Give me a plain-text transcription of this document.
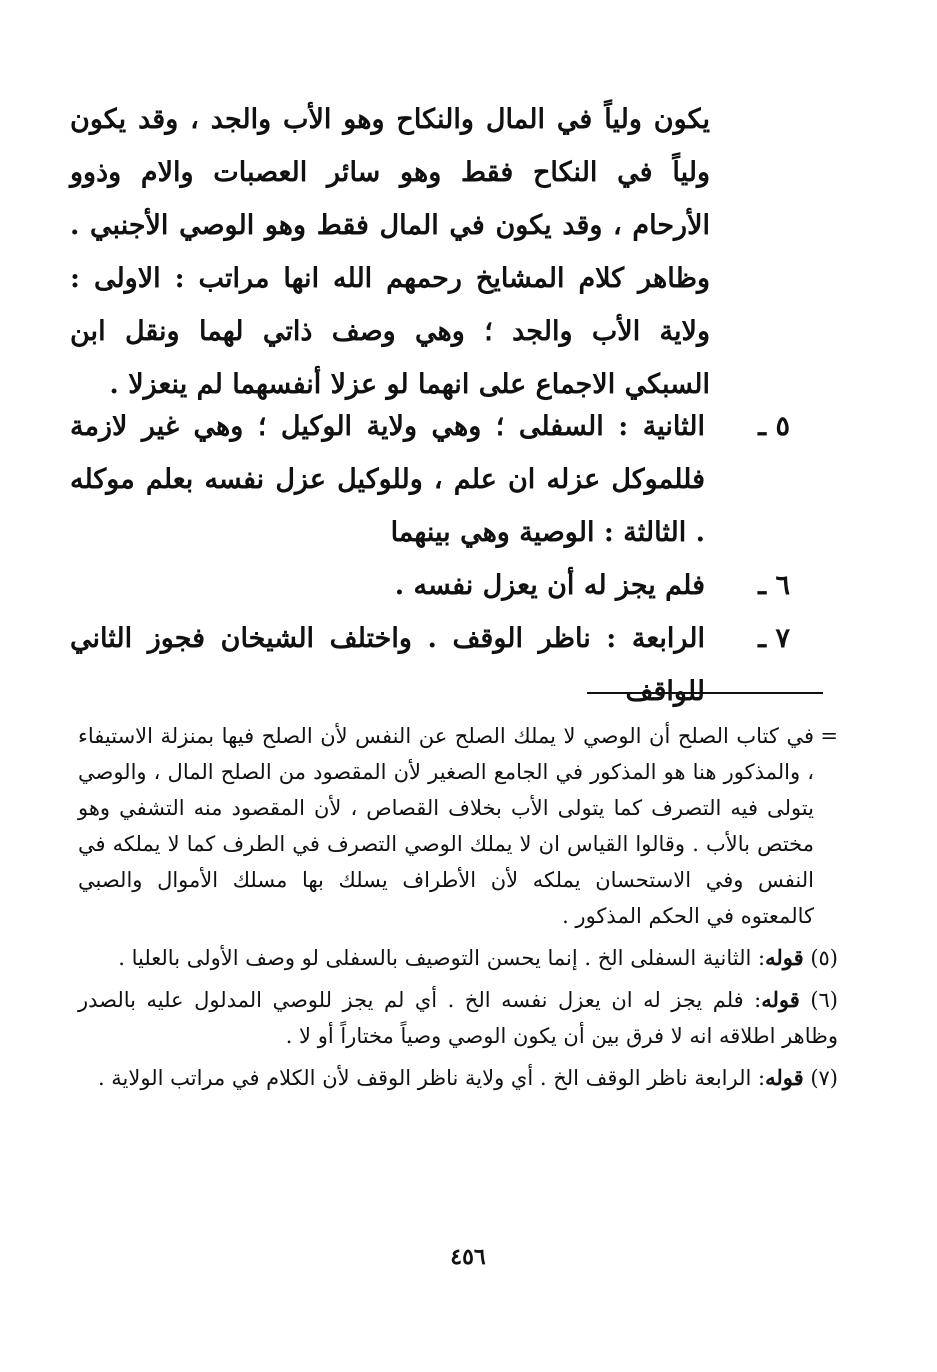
يكون ولياً في المال والنكاح وهو الأب والجد ، وقد يكون ولياً في النكاح فقط وهو سائر العصبات والام وذوو الأرحام ، وقد يكون في المال فقط وهو الوصي الأجنبي . وظاهر كلام المشايخ رحمهم الله انها مراتب : الاولى : ولاية الأب والجد ؛ وهي وصف ذاتي لهما ونقل ابن السبكي الاجماع على انهما لو عزلا أنفسهما لم ينعزلا .

٥ ـ
الثانية : السفلى ؛ وهي ولاية الوكيل ؛ وهي غير لازمة فللموكل عزله ان علم ، وللوكيل عزل نفسه بعلم موكله . الثالثة : الوصية وهي بينهما
٦ ـ
فلم يجز له أن يعزل نفسه .
٧ ـ
الرابعة : ناظر الوقف . واختلف الشيخان فجوز الثاني للواقف

=
في كتاب الصلح أن الوصي لا يملك الصلح عن النفس لأن الصلح فيها بمنزلة الاستيفاء ، والمذكور هنا هو المذكور في الجامع الصغير لأن المقصود من الصلح المال ، والوصي يتولى فيه التصرف كما يتولى الأب بخلاف القصاص ، لأن المقصود منه التشفي وهو مختص بالأب . وقالوا القياس ان لا يملك الوصي التصرف في الطرف كما لا يملكه في النفس وفي الاستحسان يملكه لأن الأطراف يسلك بها مسلك الأموال والصبي كالمعتوه في الحكم المذكور .

(٥) قوله: الثانية السفلى الخ . إنما يحسن التوصيف بالسفلى لو وصف الأولى بالعليا .

(٦) قوله: فلم يجز له ان يعزل نفسه الخ . أي لم يجز للوصي المدلول عليه بالصدر وظاهر اطلاقه انه لا فرق بين أن يكون الوصي وصياً مختاراً أو لا .

(٧) قوله: الرابعة ناظر الوقف الخ . أي ولاية ناظر الوقف لأن الكلام في مراتب الولاية .

٤٥٦
